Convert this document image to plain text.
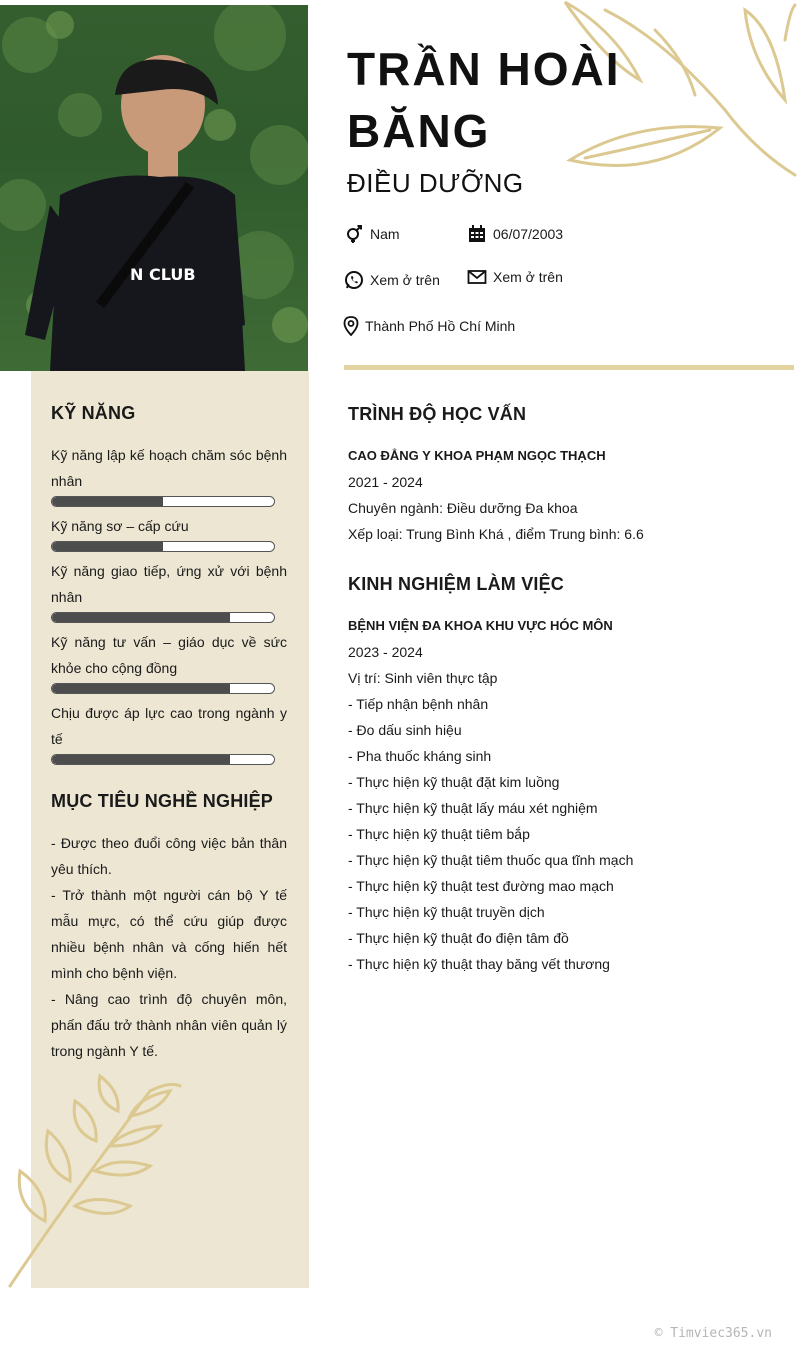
N CLUB
TRẦN HOÀI BĂNG
ĐIỀU DƯỠNG
Nam	06/07/2003
Xem ở trên	Xem ở trên
Thành Phố Hồ Chí Minh
KỸ NĂNG
Kỹ năng lập kế hoạch chăm sóc bệnh nhân
Kỹ năng sơ – cấp cứu
Kỹ năng giao tiếp, ứng xử với bệnh nhân
Kỹ năng tư vấn – giáo dục về sức khỏe cho cộng đồng
Chịu được áp lực cao trong ngành y tế
MỤC TIÊU NGHỀ NGHIỆP
- Được theo đuổi công việc bản thân yêu thích.
- Trở thành một người cán bộ Y tế mẫu mực, có thể cứu giúp được nhiều bệnh nhân và cống hiến hết mình cho bệnh viện.
- Nâng cao trình độ chuyên môn, phấn đấu trở thành nhân viên quản lý trong ngành Y tế.
TRÌNH ĐỘ HỌC VẤN
CAO ĐẲNG Y KHOA PHẠM NGỌC THẠCH
2021 - 2024
Chuyên ngành: Điều dưỡng Đa khoa
Xếp loại: Trung Bình Khá , điểm Trung bình: 6.6
KINH NGHIỆM LÀM VIỆC
BỆNH VIỆN ĐA KHOA KHU VỰC HÓC MÔN
2023 - 2024
Vị trí: Sinh viên thực tập
- Tiếp nhận bệnh nhân
- Đo dấu sinh hiệu
- Pha thuốc kháng sinh
- Thực hiện kỹ thuật đặt kim luồng
- Thực hiện kỹ thuật lấy máu xét nghiệm
- Thực hiện kỹ thuật tiêm bắp
- Thực hiện kỹ thuật tiêm thuốc qua tĩnh mạch
- Thực hiện kỹ thuật test đường mao mạch
- Thực hiện kỹ thuật truyền dịch
- Thực hiện kỹ thuật đo điện tâm đồ
- Thực hiện kỹ thuật thay băng vết thương
© Timviec365.vn
